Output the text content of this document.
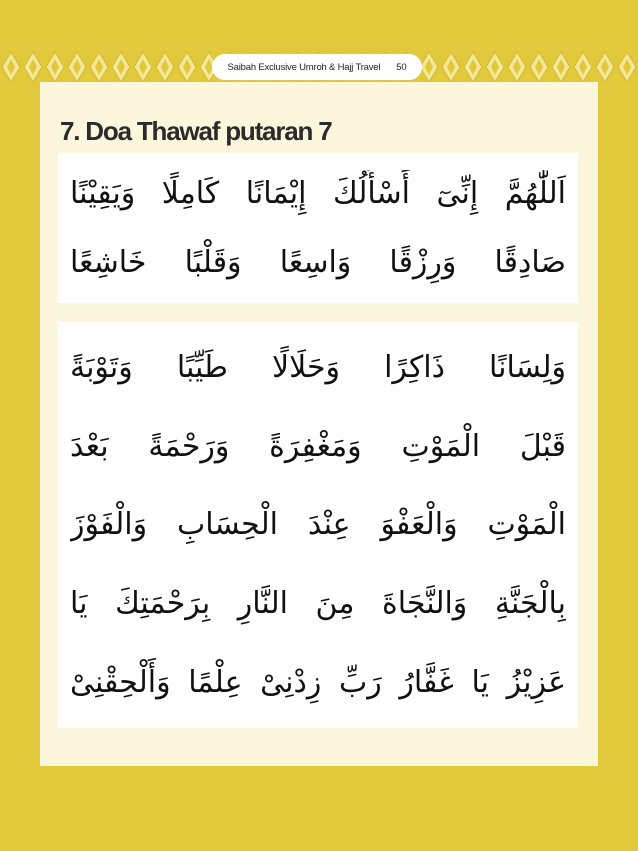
Saibah Exclusive Umroh & Hajj Travel 50
7. Doa Thawaf putaran 7
اَللّٰهُمَّ إِنِّىٓ أَسْأَلُكَ إِيْمَانًا كَامِلًا وَيَقِيْنًا
صَادِقًا وَرِزْقًا وَاسِعًا وَقَلْبًا خَاشِعًا
وَلِسَانًا ذَاكِرًا وَحَلَالًا طَيِّبًا وَتَوْبَةً
قَبْلَ الْمَوْتِ وَمَغْفِرَةً وَرَحْمَةً بَعْدَ
الْمَوْتِ وَالْعَفْوَ عِنْدَ الْحِسَابِ وَالْفَوْزَ
بِالْجَنَّةِ وَالنَّجَاةَ مِنَ النَّارِ بِرَحْمَتِكَ يَا
عَزِيْزُ يَا غَفَّارُ رَبِّ زِدْنِىْ عِلْمًا وَأَلْحِقْنِىْ
